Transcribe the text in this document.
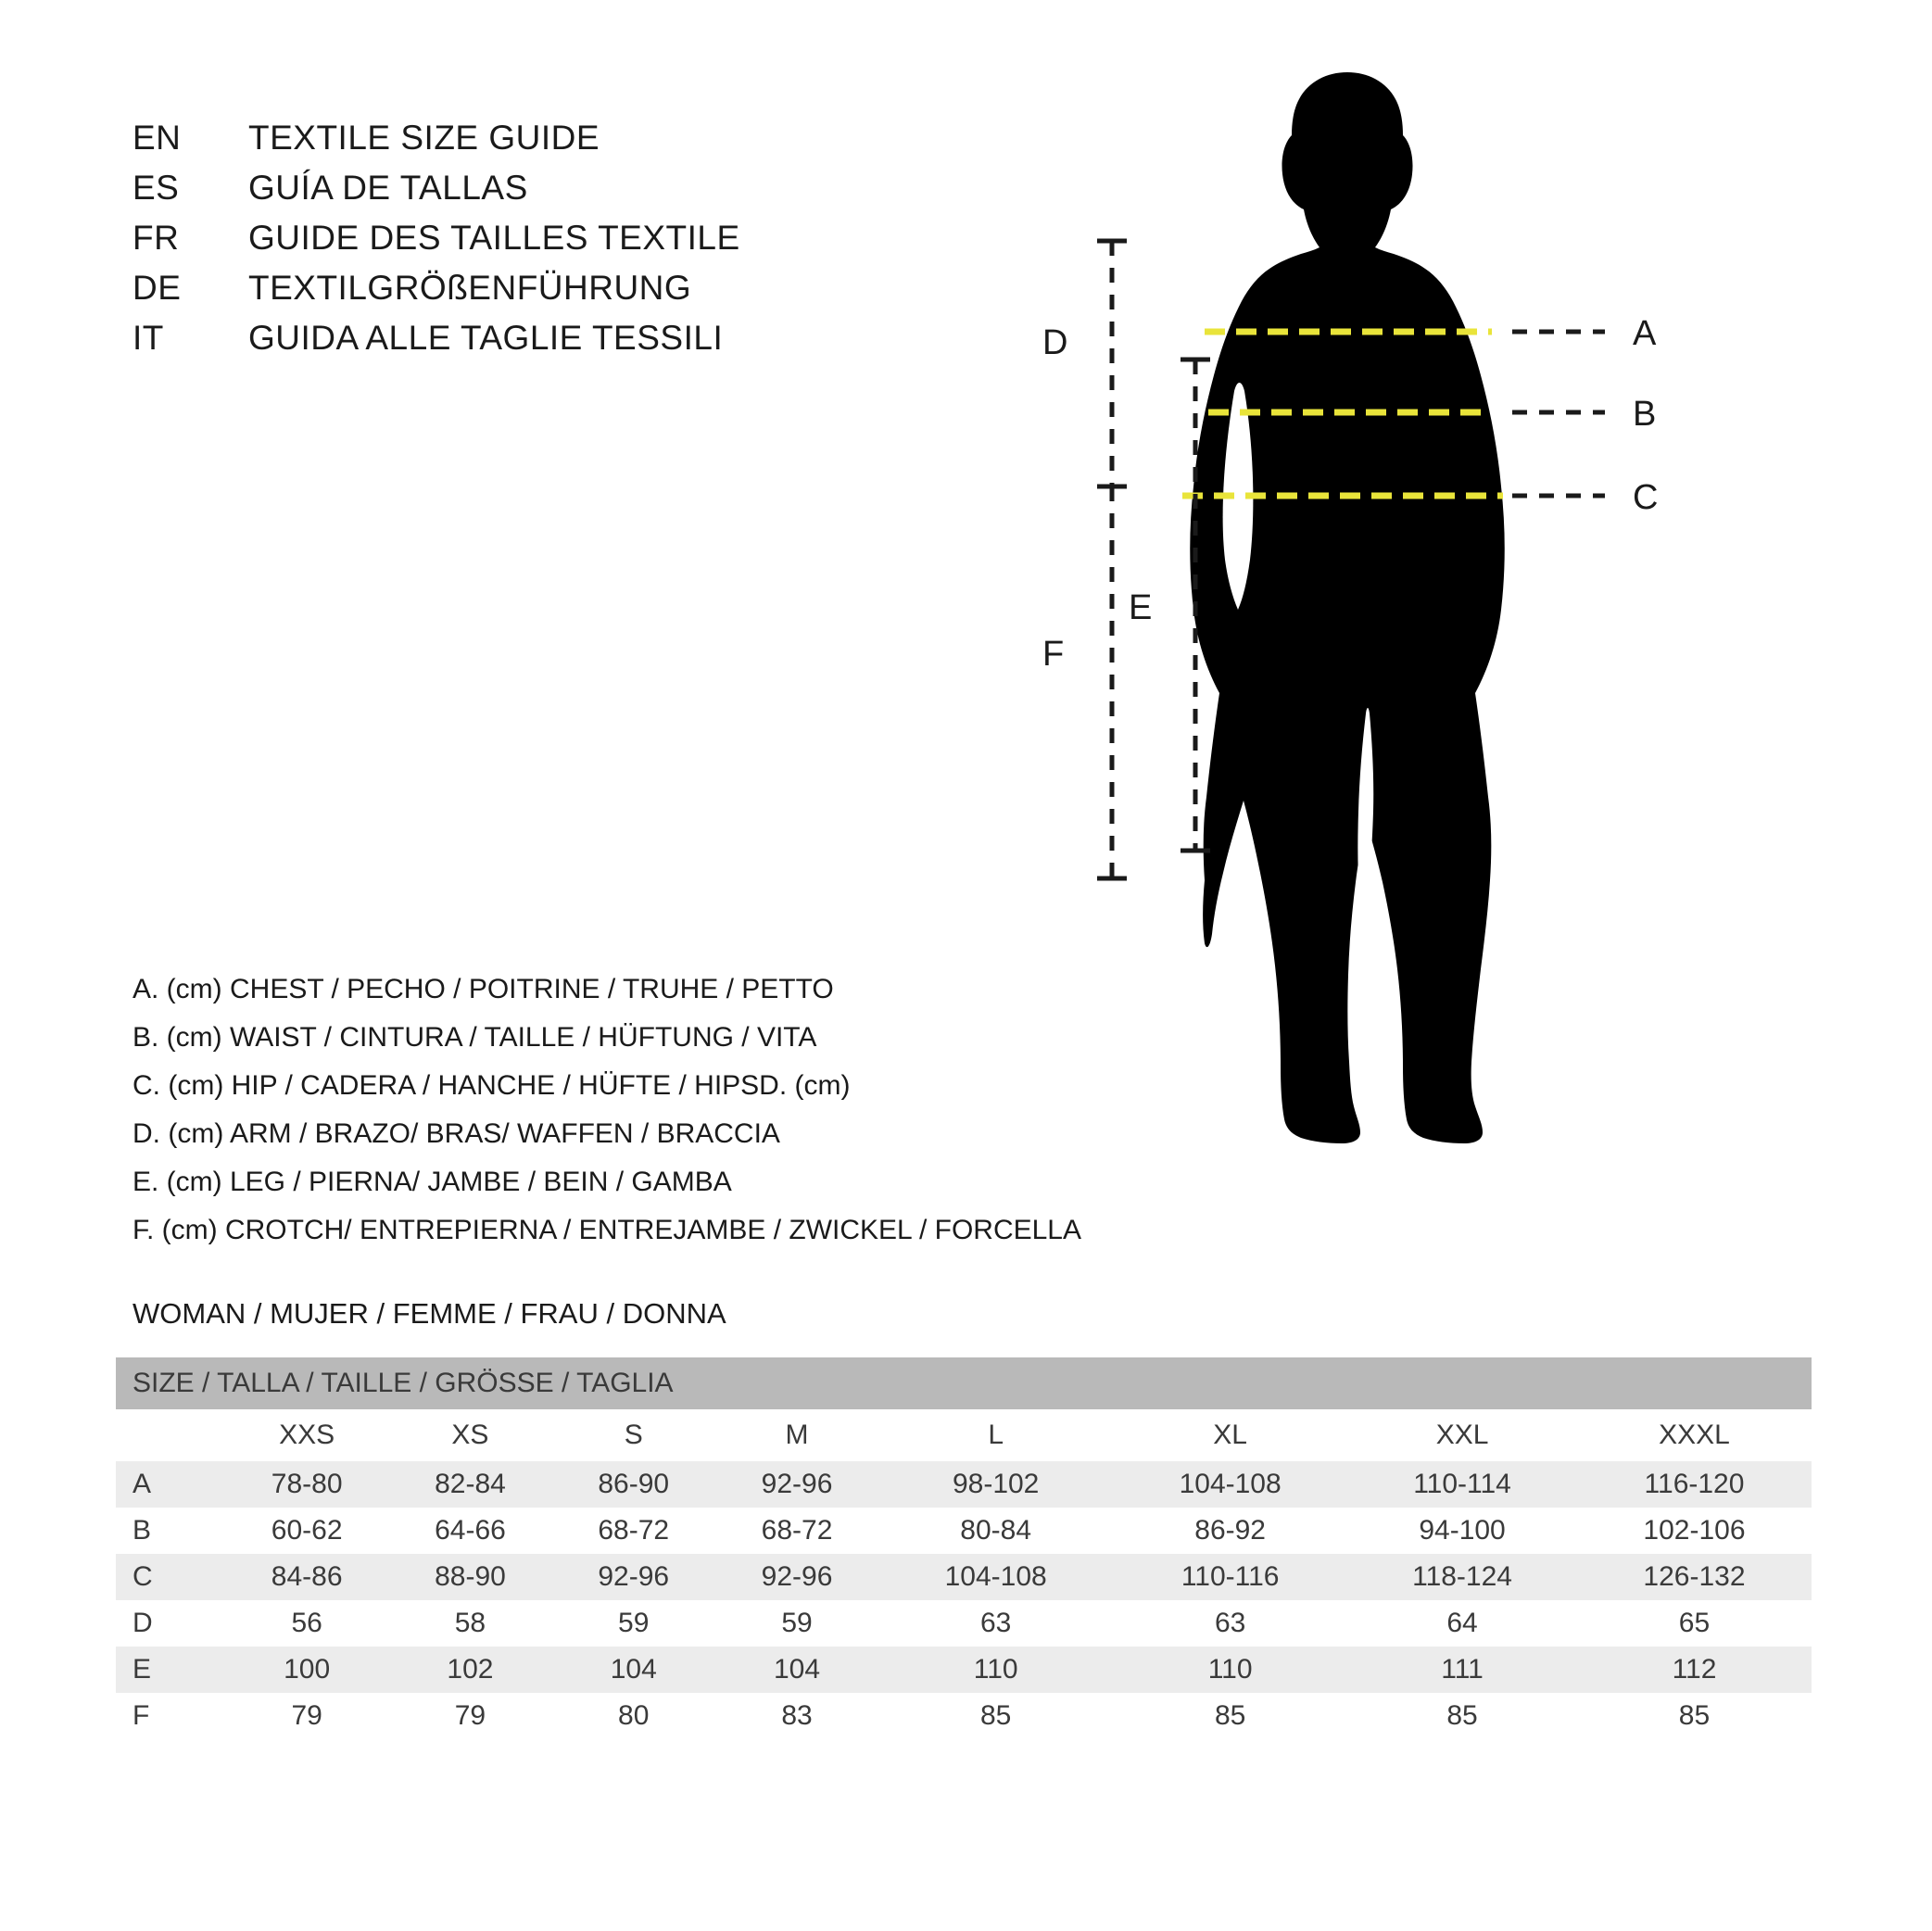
EN	TEXTILE SIZE GUIDE
ES	GUÍA DE TALLAS
FR	GUIDE DES TAILLES TEXTILE
DE	TEXTILGRÖßENFÜHRUNG
IT	GUIDA ALLE TAGLIE TESSILI
A. (cm) CHEST / PECHO / POITRINE / TRUHE / PETTO
B. (cm) WAIST / CINTURA / TAILLE / HÜFTUNG / VITA
C. (cm) HIP / CADERA / HANCHE / HÜFTE / HIPSD. (cm)
D. (cm) ARM / BRAZO/ BRAS/ WAFFEN / BRACCIA
E. (cm) LEG / PIERNA/ JAMBE / BEIN / GAMBA
F. (cm) CROTCH/ ENTREPIERNA / ENTREJAMBE / ZWICKEL / FORCELLA
WOMAN / MUJER / FEMME / FRAU / DONNA
SIZE / TALLA / TAILLE / GRÖSSE / TAGLIA								
	XXS	XS	S	M	L	XL	XXL	XXXL
A	78-80	82-84	86-90	92-96	98-102	104-108	110-114	116-120
B	60-62	64-66	68-72	68-72	80-84	86-92	94-100	102-106
C	84-86	88-90	92-96	92-96	104-108	110-116	118-124	126-132
D	56	58	59	59	63	63	64	65
E	100	102	104	104	110	110	111	112
F	79	79	80	83	85	85	85	85
A
B
C
D
F
E
